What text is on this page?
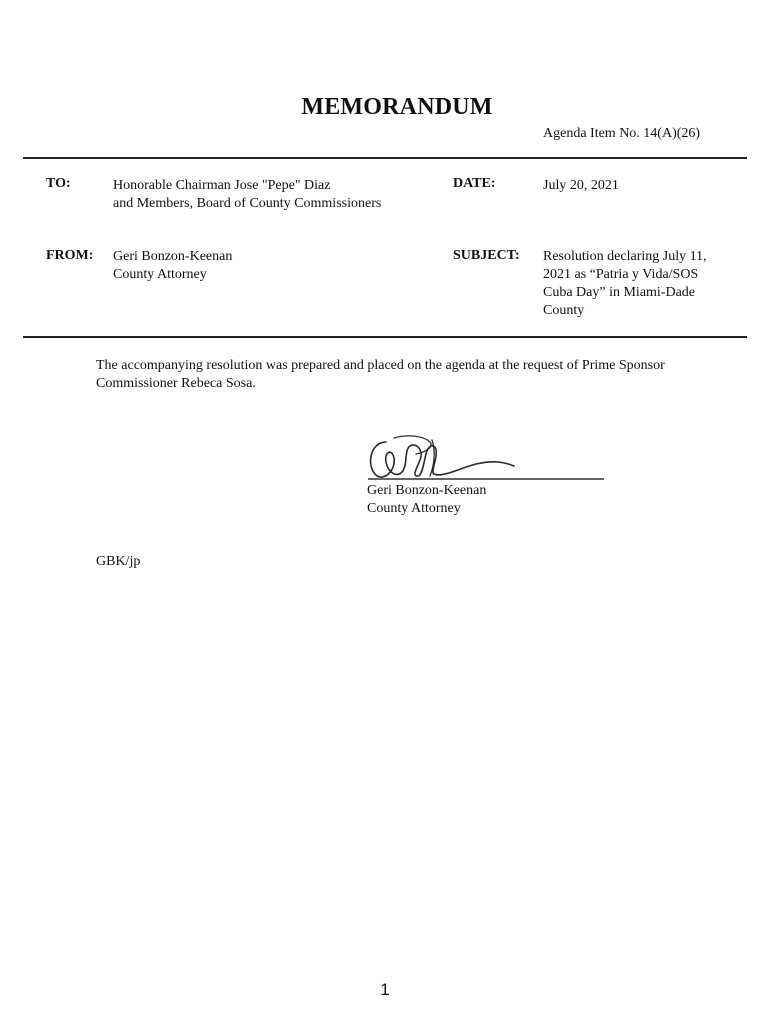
MEMORANDUM
Agenda Item No. 14(A)(26)
TO:	Honorable Chairman Jose "Pepe" Diaz
and Members, Board of County Commissioners
DATE:	July 20, 2021
FROM: Geri Bonzon-Keenan
County Attorney
SUBJECT: Resolution declaring July 11,
2021 as “Patria y Vida/SOS
Cuba Day” in Miami-Dade
County
The accompanying resolution was prepared and placed on the agenda at the request of Prime Sponsor
Commissioner Rebeca Sosa.
Geri Bonzon-Keenan
County Attorney
GBK/jp
1
